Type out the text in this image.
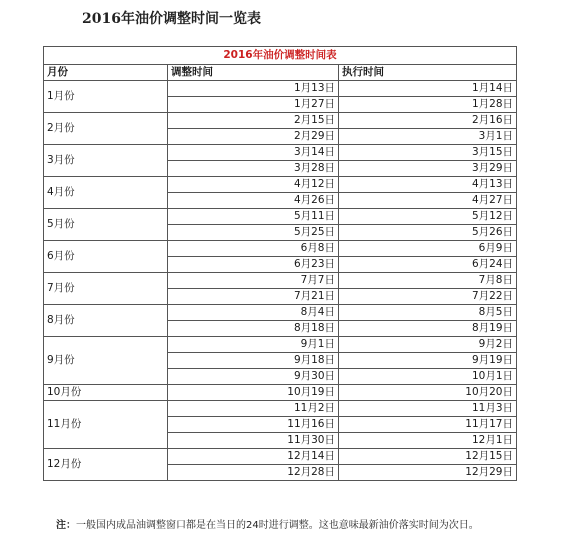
2016年油价调整时间一览表
2016年油价调整时间表		
月份	调整时间	执行时间
1月份	1月13日	1月14日
	1月27日	1月28日
2月份	2月15日	2月16日
	2月29日	3月1日
3月份	3月14日	3月15日
	3月28日	3月29日
4月份	4月12日	4月13日
	4月26日	4月27日
5月份	5月11日	5月12日
	5月25日	5月26日
6月份	6月8日	6月9日
	6月23日	6月24日
7月份	7月7日	7月8日
	7月21日	7月22日
8月份	8月4日	8月5日
	8月18日	8月19日
9月份	9月1日	9月2日
	9月18日	9月19日
	9月30日	10月1日
10月份	10月19日	10月20日
11月份	11月2日	11月3日
	11月16日	11月17日
	11月30日	12月1日
12月份	12月14日	12月15日
	12月28日	12月29日
注：一般国内成品油调整窗口都是在当日的24时进行调整。这也意味最新油价落实时间为次日。
